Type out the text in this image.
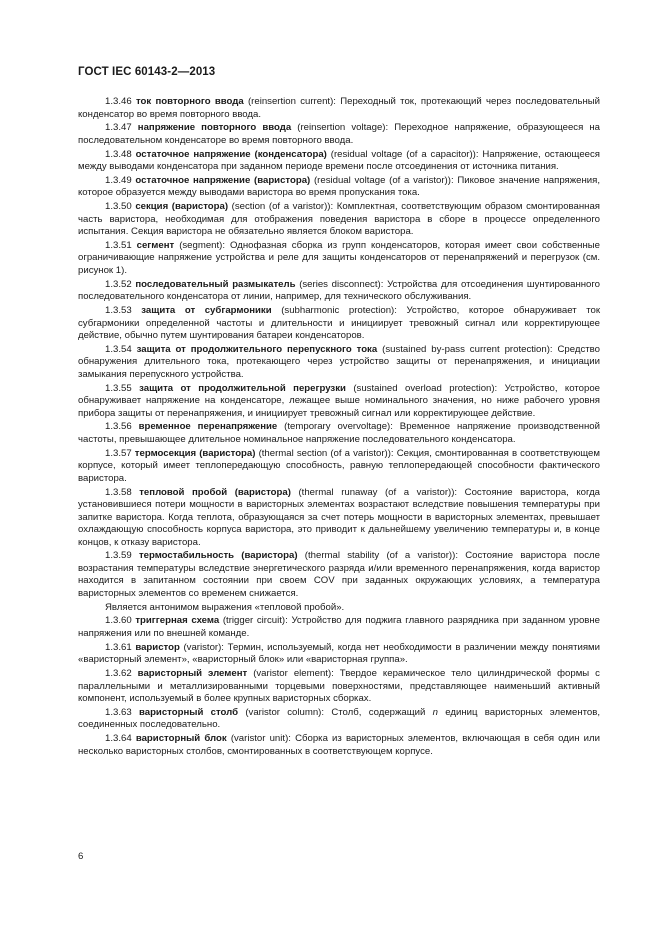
ГОСТ IEC 60143-2—2013

1.3.46 ток повторного ввода (reinsertion current): Переходный ток, протекающий через последовательный конденсатор во время повторного ввода.

1.3.47 напряжение повторного ввода (reinsertion voltage): Переходное напряжение, образующееся на последовательном конденсаторе во время повторного ввода.

1.3.48 остаточное напряжение (конденсатора) (residual voltage (of a capacitor)): Напряжение, остающееся между выводами конденсатора при заданном периоде времени после отсоединения от источника питания.

1.3.49 остаточное напряжение (варистора) (residual voltage (of a varistor)): Пиковое значение напряжения, которое образуется между выводами варистора во время пропускания тока.

1.3.50 секция (варистора) (section (of a varistor)): Комплектная, соответствующим образом смонтированная часть варистора, необходимая для отображения поведения варистора в сборе в процессе определенного испытания. Секция варистора не обязательно является блоком варистора.

1.3.51 сегмент (segment): Однофазная сборка из групп конденсаторов, которая имеет свои собственные ограничивающие напряжение устройства и реле для защиты конденсаторов от перенапряжений и перегрузок (см. рисунок 1).

1.3.52 последовательный размыкатель (series disconnect): Устройства для отсоединения шунтированного последовательного конденсатора от линии, например, для технического обслуживания.

1.3.53 защита от субгармоники (subharmonic protection): Устройство, которое обнаруживает ток субгармоники определенной частоты и длительности и инициирует тревожный сигнал или корректирующее действие, обычно путем шунтирования батареи конденсаторов.

1.3.54 защита от продолжительного перепускного тока (sustained by-pass current protection): Средство обнаружения длительного тока, протекающего через устройство защиты от перенапряжения, и инициации замыкания перепускного устройства.

1.3.55 защита от продолжительной перегрузки (sustained overload protection): Устройство, которое обнаруживает напряжение на конденсаторе, лежащее выше номинального значения, но ниже рабочего уровня прибора защиты от перенапряжения, и инициирует тревожный сигнал или корректирующее действие.

1.3.56 временное перенапряжение (temporary overvoltage): Временное напряжение производственной частоты, превышающее длительное номинальное напряжение последовательного конденсатора.

1.3.57 термосекция (варистора) (thermal section (of a varistor)): Секция, смонтированная в соответствующем корпусе, который имеет теплопередающую способность, равную теплопередающей способности фактического варистора.

1.3.58 тепловой пробой (варистора) (thermal runaway (of a varistor)): Состояние варистора, когда установившиеся потери мощности в варисторных элементах возрастают вследствие повышения температуры при запитке варистора. Когда теплота, образующаяся за счет потерь мощности в варисторных элементах, превышает охлаждающую способность корпуса варистора, это приводит к дальнейшему увеличению температуры и, в конце концов, к отказу варистора.

1.3.59 термостабильность (варистора) (thermal stability (of a varistor)): Состояние варистора после возрастания температуры вследствие энергетического разряда и/или временного перенапряжения, когда варистор находится в запитанном состоянии при своем COV при заданных окружающих условиях, а температура варисторных элементов со временем снижается.

Является антонимом выражения «тепловой пробой».

1.3.60 триггерная схема (trigger circuit): Устройство для поджига главного разрядника при заданном уровне напряжения или по внешней команде.

1.3.61 варистор (varistor): Термин, используемый, когда нет необходимости в различении между понятиями «варисторный элемент», «варисторный блок» или «варисторная группа».

1.3.62 варисторный элемент (varistor element): Твердое керамическое тело цилиндрической формы с параллельными и металлизированными торцевыми поверхностями, представляющее наименьший активный компонент, используемый в более крупных варисторных сборках.

1.3.63 варисторный столб (varistor column): Столб, содержащий n единиц варисторных элементов, соединенных последовательно.

1.3.64 варисторный блок (varistor unit): Сборка из варисторных элементов, включающая в себя один или несколько варисторных столбов, смонтированных в соответствующем корпусе.

6
